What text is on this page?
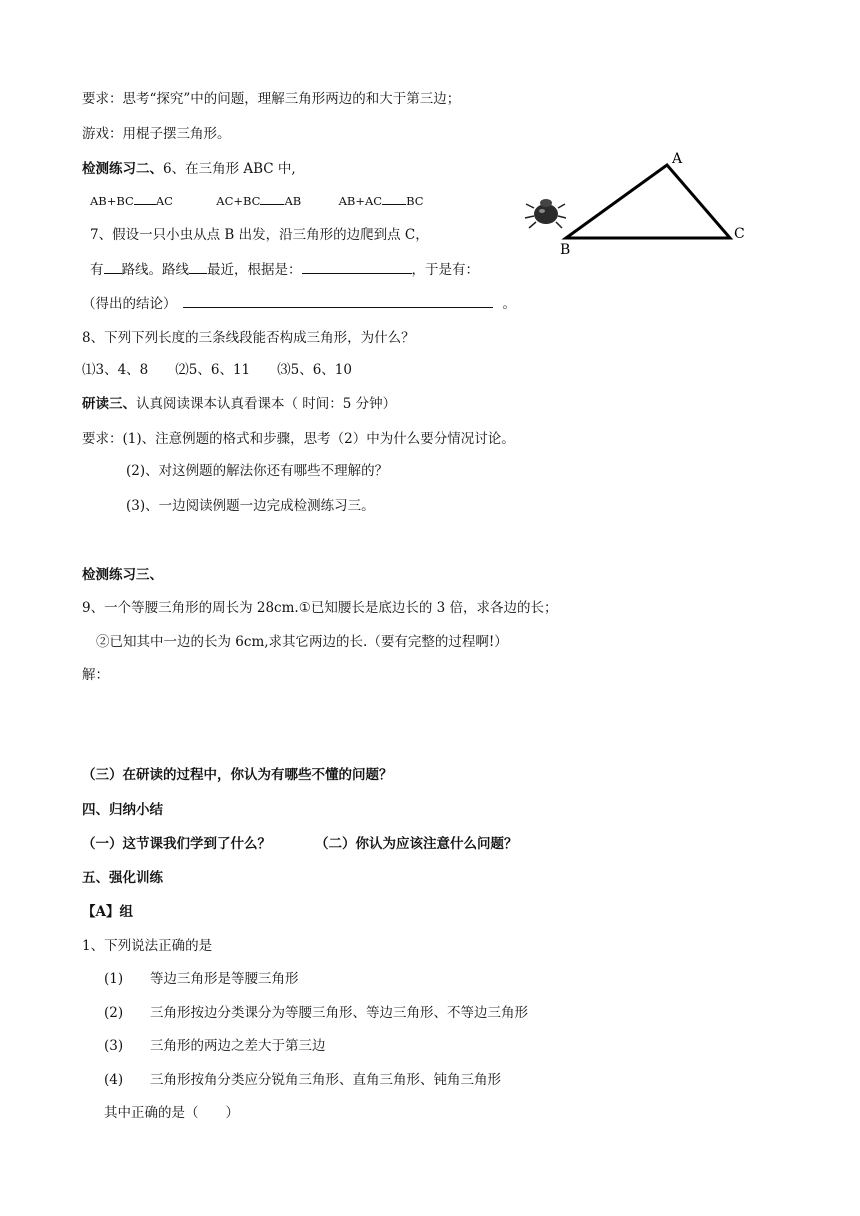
要求：思考“探究”中的问题，理解三角形两边的和大于第三边；
游戏：用棍子摆三角形。
检测练习二、6、在三角形 ABC 中,
AB+BC AC	AC+BC AB	AB+AC BC
7、假设一只小虫从点 B 出发，沿三角形的边爬到点 C，
有 路线。路线 最近，根据是：	，于是有：
（得出的结论）	。
A
B
C
8、下列下列长度的三条线段能否构成三角形，为什么？
⑴3、4、8　　⑵5、6、11　　⑶5、6、10
研读三、认真阅读课本认真看课本（ 时间：5 分钟）
要求：(1)、注意例题的格式和步骤，思考（2）中为什么要分情况讨论。
(2)、对这例题的解法你还有哪些不理解的？
(3)、一边阅读例题一边完成检测练习三。
检测练习三、
9、一个等腰三角形的周长为 28cm.①已知腰长是底边长的 3 倍，求各边的长；
②已知其中一边的长为 6cm,求其它两边的长.（要有完整的过程啊!）
解：
（三）在研读的过程中，你认为有哪些不懂的问题？
四、归纳小结
（一）这节课我们学到了什么？	（二）你认为应该注意什么问题？
五、强化训练
【A】组
1、下列说法正确的是
(1) 等边三角形是等腰三角形
(2) 三角形按边分类课分为等腰三角形、等边三角形、不等边三角形
(3) 三角形的两边之差大于第三边
(4) 三角形按角分类应分锐角三角形、直角三角形、钝角三角形
其中正确的是（　　）
